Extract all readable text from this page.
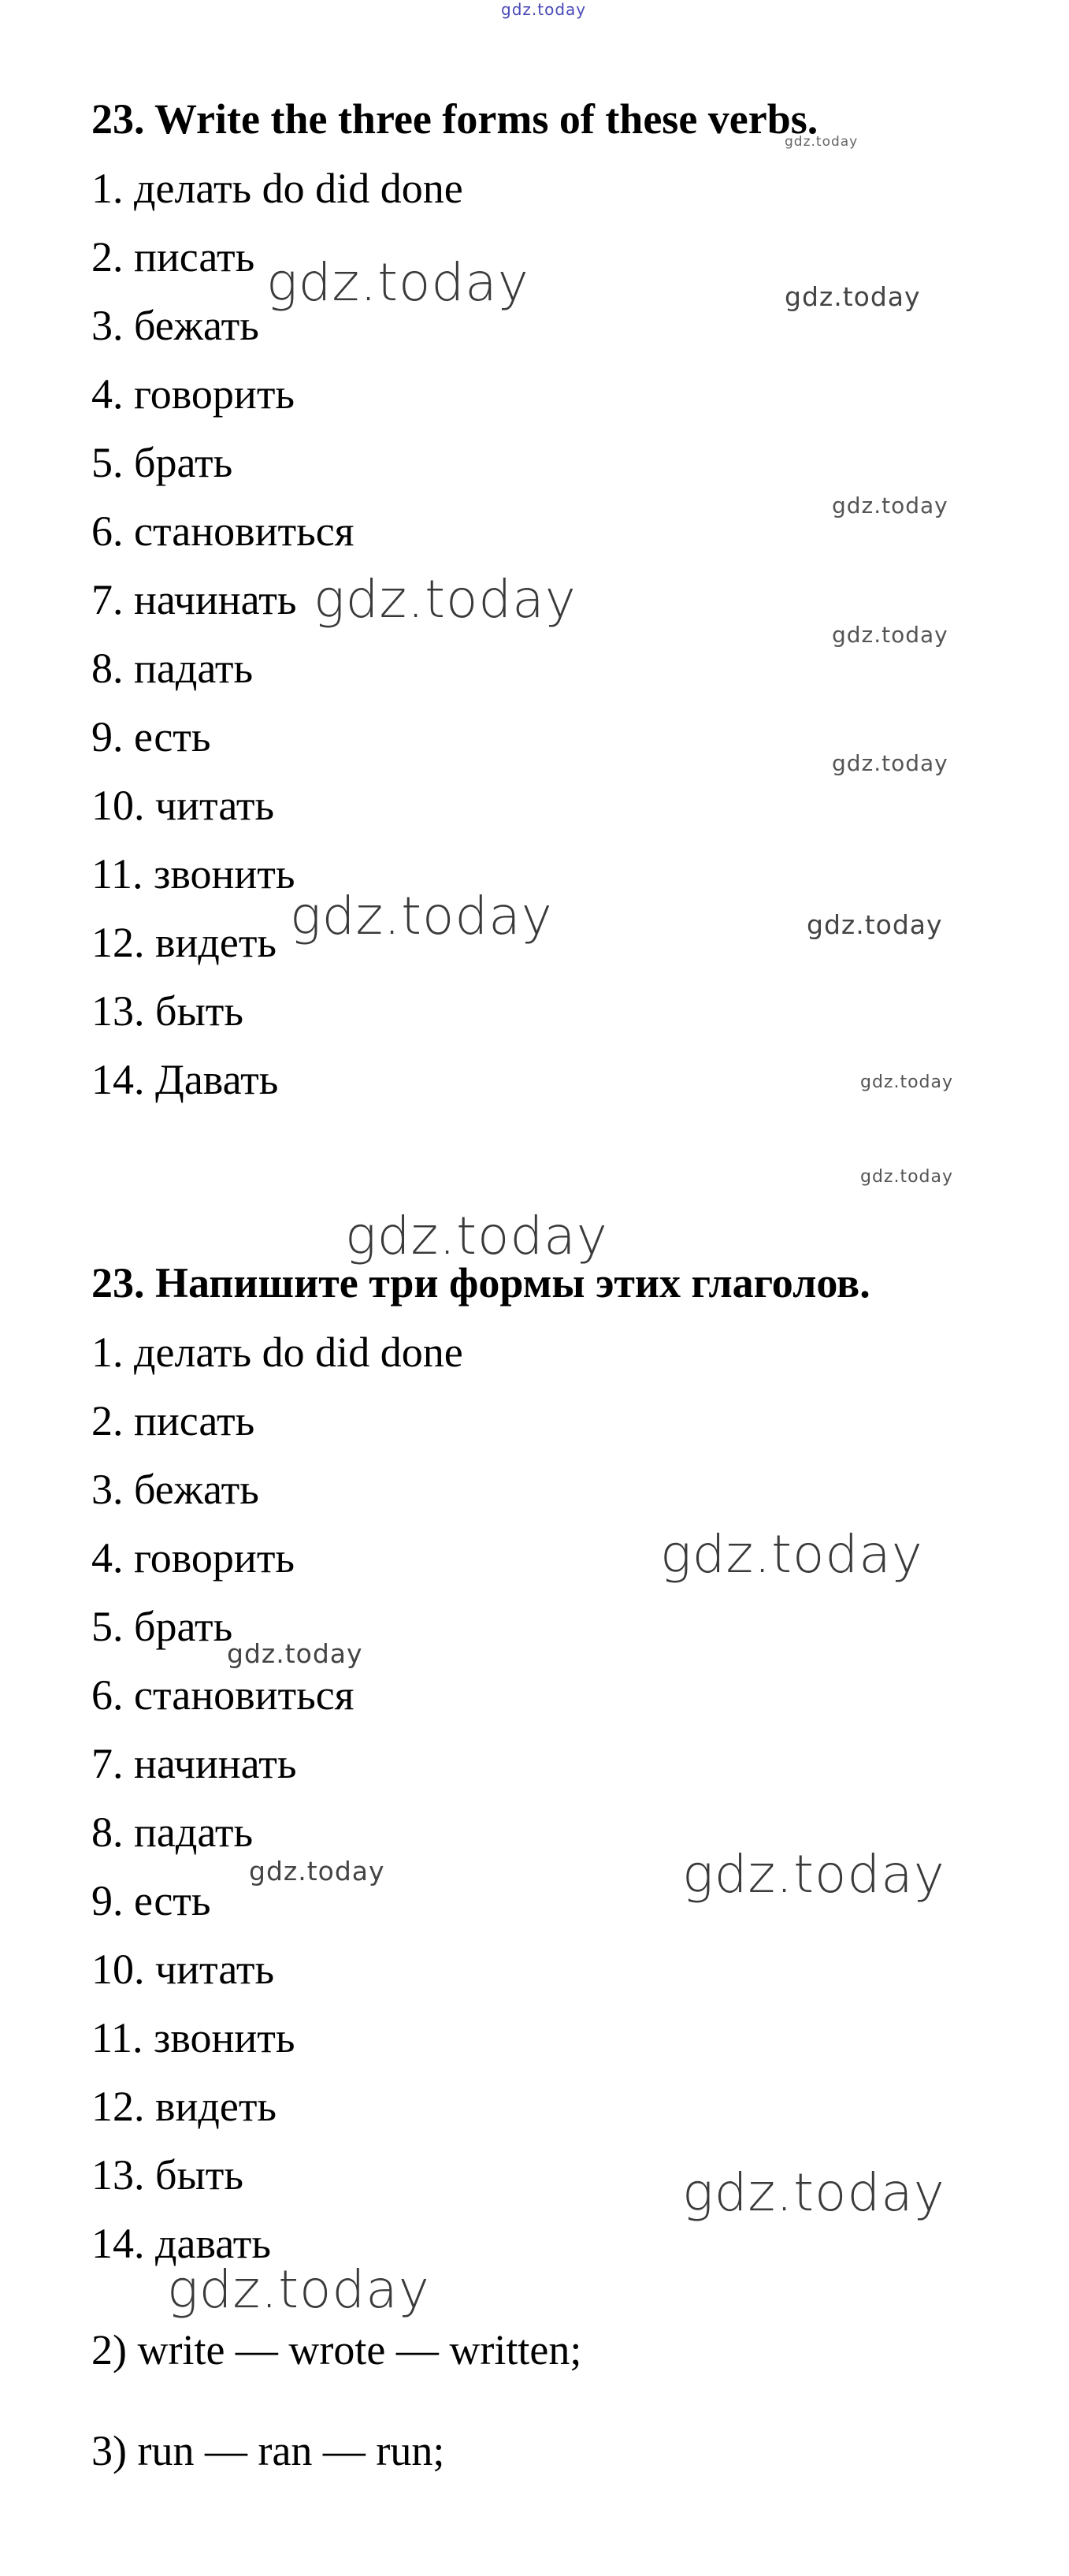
gdz.today
23. Write the three forms of these verbs.
1. делать do did done
2. писать
3. бежать
4. говорить
5. брать
6. становиться
7. начинать
8. падать
9. есть
10. читать
11. звонить
12. видеть
13. быть
14. Давать
23. Напишите три формы этих глаголов.
1. делать do did done
2. писать
3. бежать
4. говорить
5. брать
6. становиться
7. начинать
8. падать
9. есть
10. читать
11. звонить
12. видеть
13. быть
14. давать
2) write — wrote — written;
3) run — ran — run;
gdz.today
gdz.today	gdz.today
gdz.today
gdz.today
gdz.today
gdz.today
gdz.today	gdz.today
gdz.today
gdz.today
gdz.today
gdz.today
gdz.today
gdz.today	gdz.today
gdz.today
gdz.today
